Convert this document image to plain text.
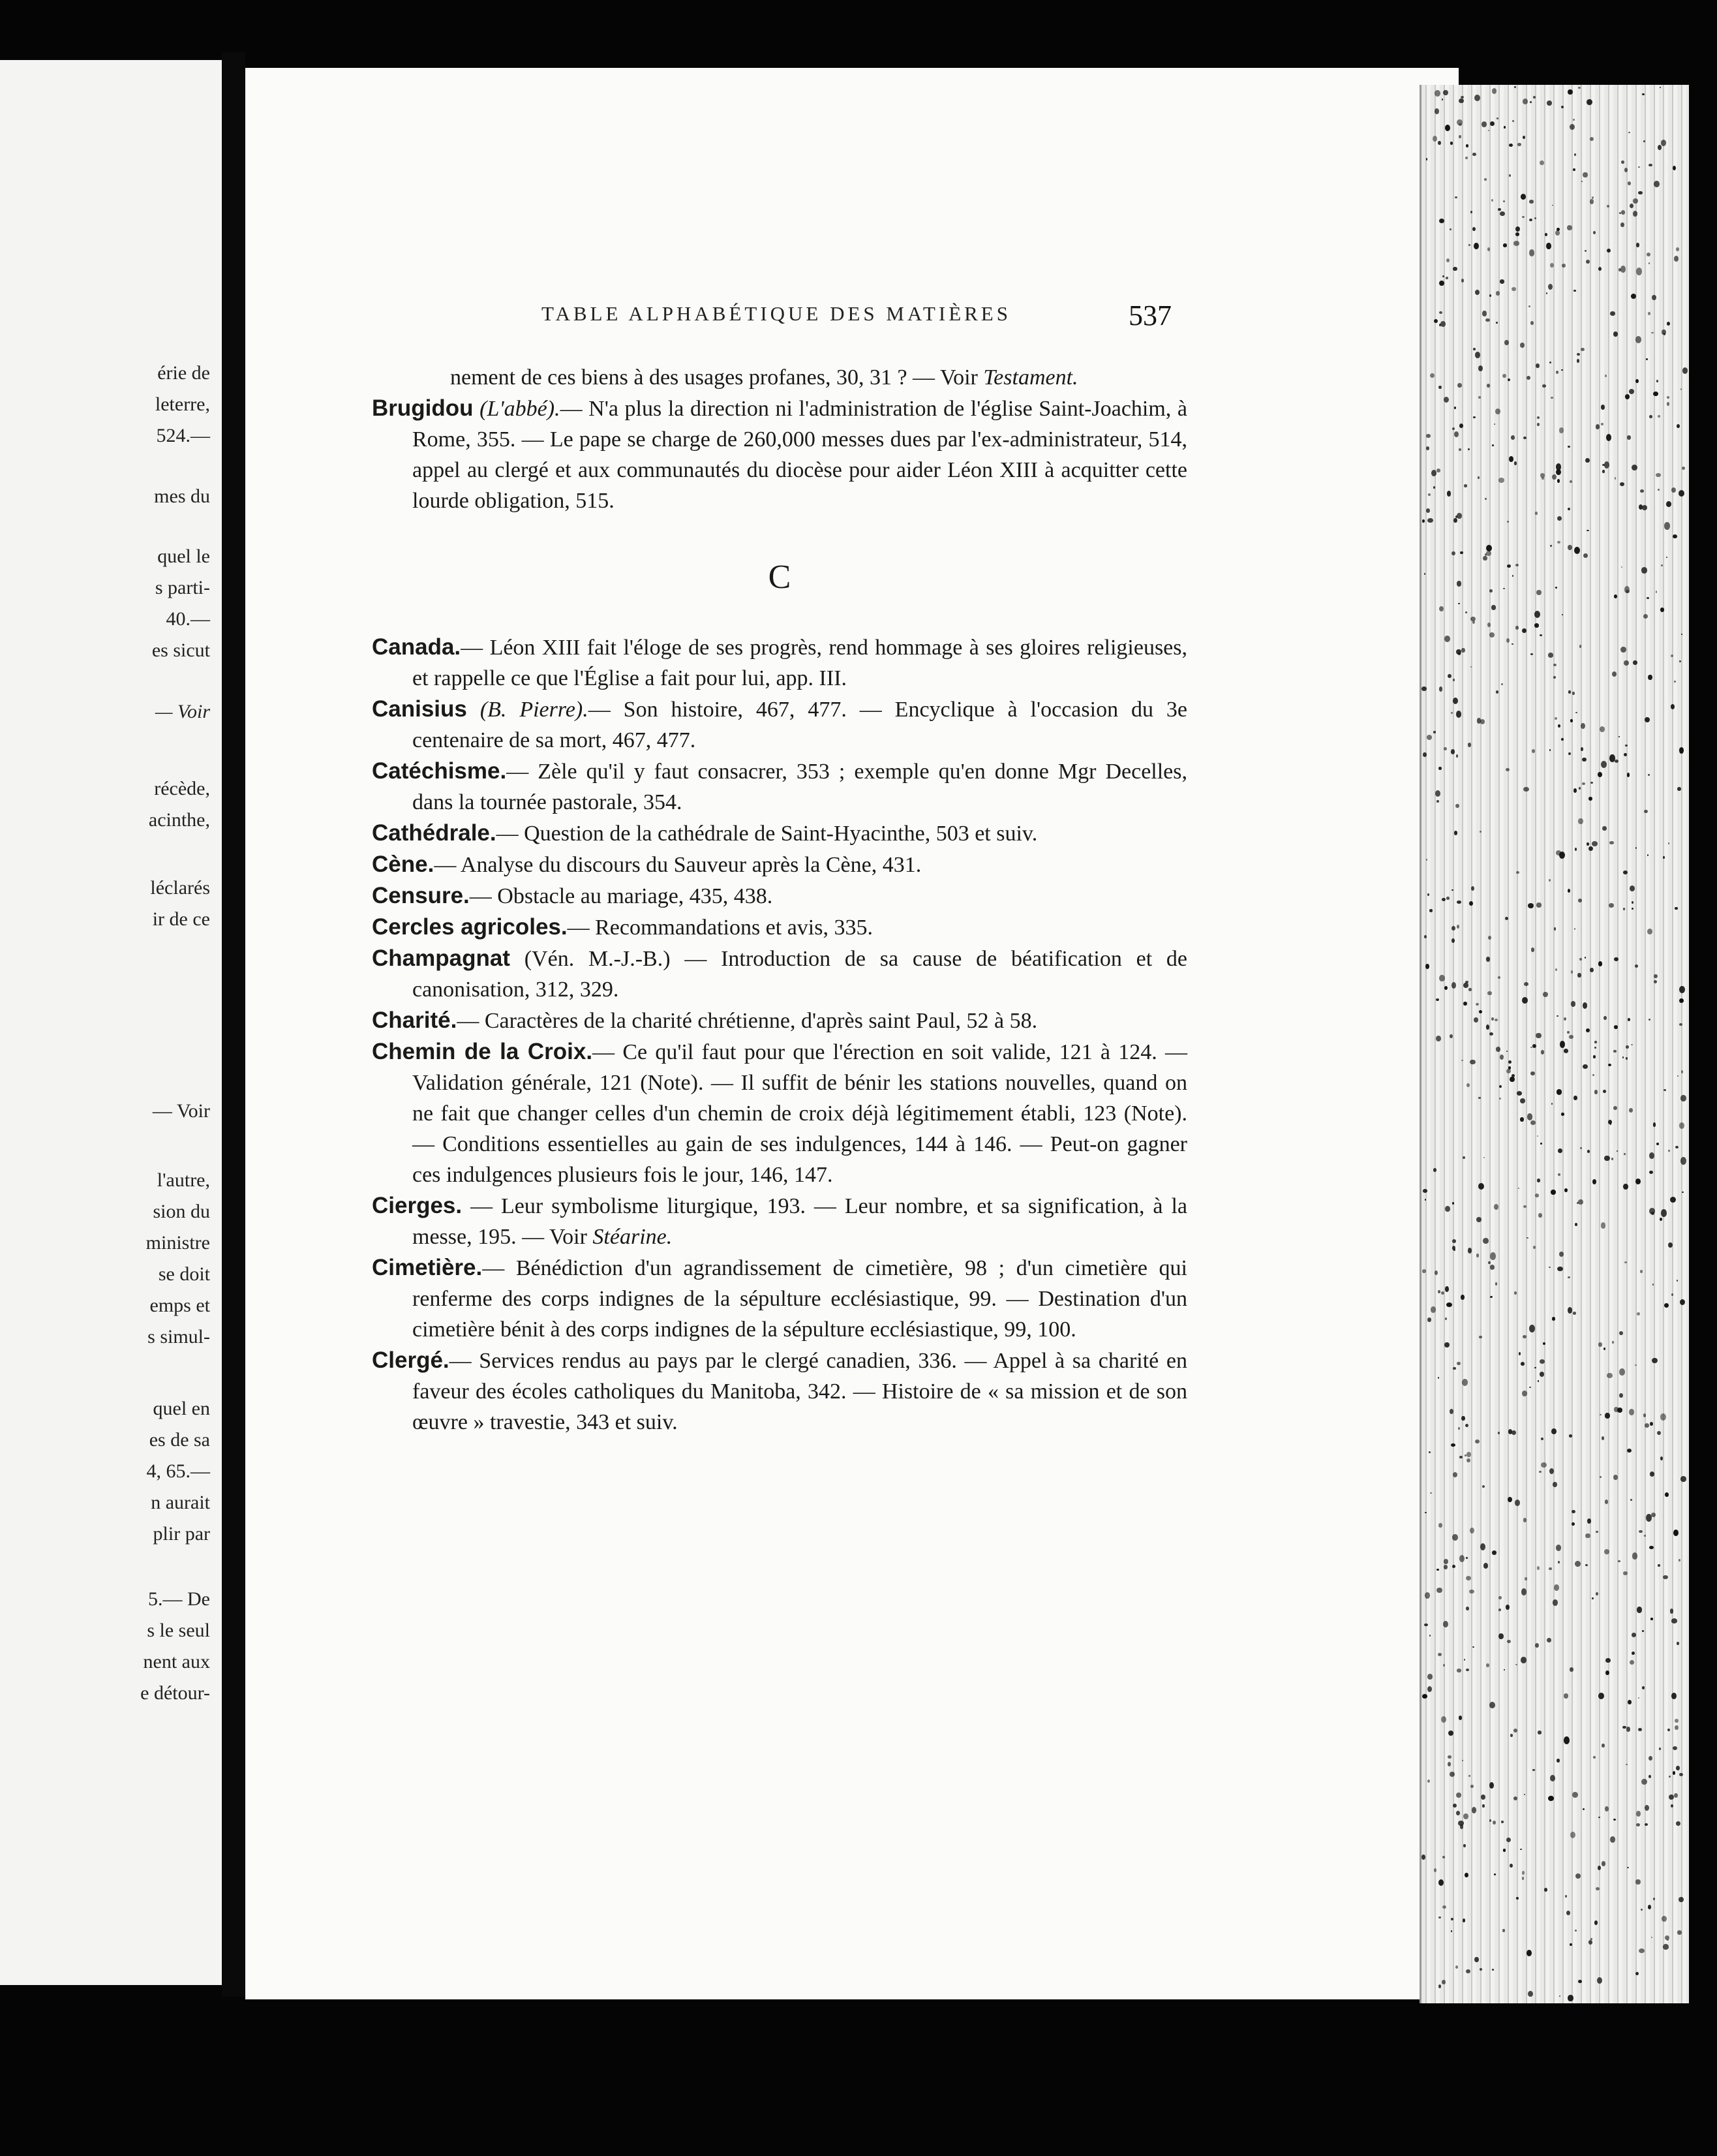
érie de
leterre,
524.—
mes du
quel le
s parti-
40.—
es sicut
— Voir
récède,
acinthe,
léclarés
ir de ce
— Voir
l'autre,
sion du
ministre
se doit
emps et
s simul-
quel en
es de sa
4, 65.—
n aurait
plir par
5.— De
s le seul
nent aux
e détour-
TABLE ALPHABÉTIQUE DES MATIÈRES	537

nement de ces biens à des usages profanes, 30, 31 ? — Voir Testament.

Brugidou (L'abbé).— N'a plus la direction ni l'administration de l'église Saint-Joachim, à Rome, 355. — Le pape se charge de 260,000 messes dues par l'ex-administrateur, 514, appel au clergé et aux communautés du diocèse pour aider Léon XIII à acquitter cette lourde obligation, 515.

C

Canada.— Léon XIII fait l'éloge de ses progrès, rend hommage à ses gloires religieuses, et rappelle ce que l'Église a fait pour lui, app. III.

Canisius (B. Pierre).— Son histoire, 467, 477. — Encyclique à l'occasion du 3e centenaire de sa mort, 467, 477.

Catéchisme.— Zèle qu'il y faut consacrer, 353 ; exemple qu'en donne Mgr Decelles, dans la tournée pastorale, 354.

Cathédrale.— Question de la cathédrale de Saint-Hyacinthe, 503 et suiv.

Cène.— Analyse du discours du Sauveur après la Cène, 431.

Censure.— Obstacle au mariage, 435, 438.

Cercles agricoles.— Recommandations et avis, 335.

Champagnat (Vén. M.-J.-B.) — Introduction de sa cause de béatification et de canonisation, 312, 329.

Charité.— Caractères de la charité chrétienne, d'après saint Paul, 52 à 58.

Chemin de la Croix.— Ce qu'il faut pour que l'érection en soit valide, 121 à 124. — Validation générale, 121 (Note). — Il suffit de bénir les stations nouvelles, quand on ne fait que changer celles d'un chemin de croix déjà légitimement établi, 123 (Note). — Conditions essentielles au gain de ses indulgences, 144 à 146. — Peut-on gagner ces indulgences plusieurs fois le jour, 146, 147.

Cierges. — Leur symbolisme liturgique, 193. — Leur nombre, et sa signification, à la messe, 195. — Voir Stéarine.

Cimetière.— Bénédiction d'un agrandissement de cimetière, 98 ; d'un cimetière qui renferme des corps indignes de la sépulture ecclésiastique, 99. — Destination d'un cimetière bénit à des corps indignes de la sépulture ecclésiastique, 99, 100.

Clergé.— Services rendus au pays par le clergé canadien, 336. — Appel à sa charité en faveur des écoles catholiques du Manitoba, 342. — Histoire de « sa mission et de son œuvre » travestie, 343 et suiv.
